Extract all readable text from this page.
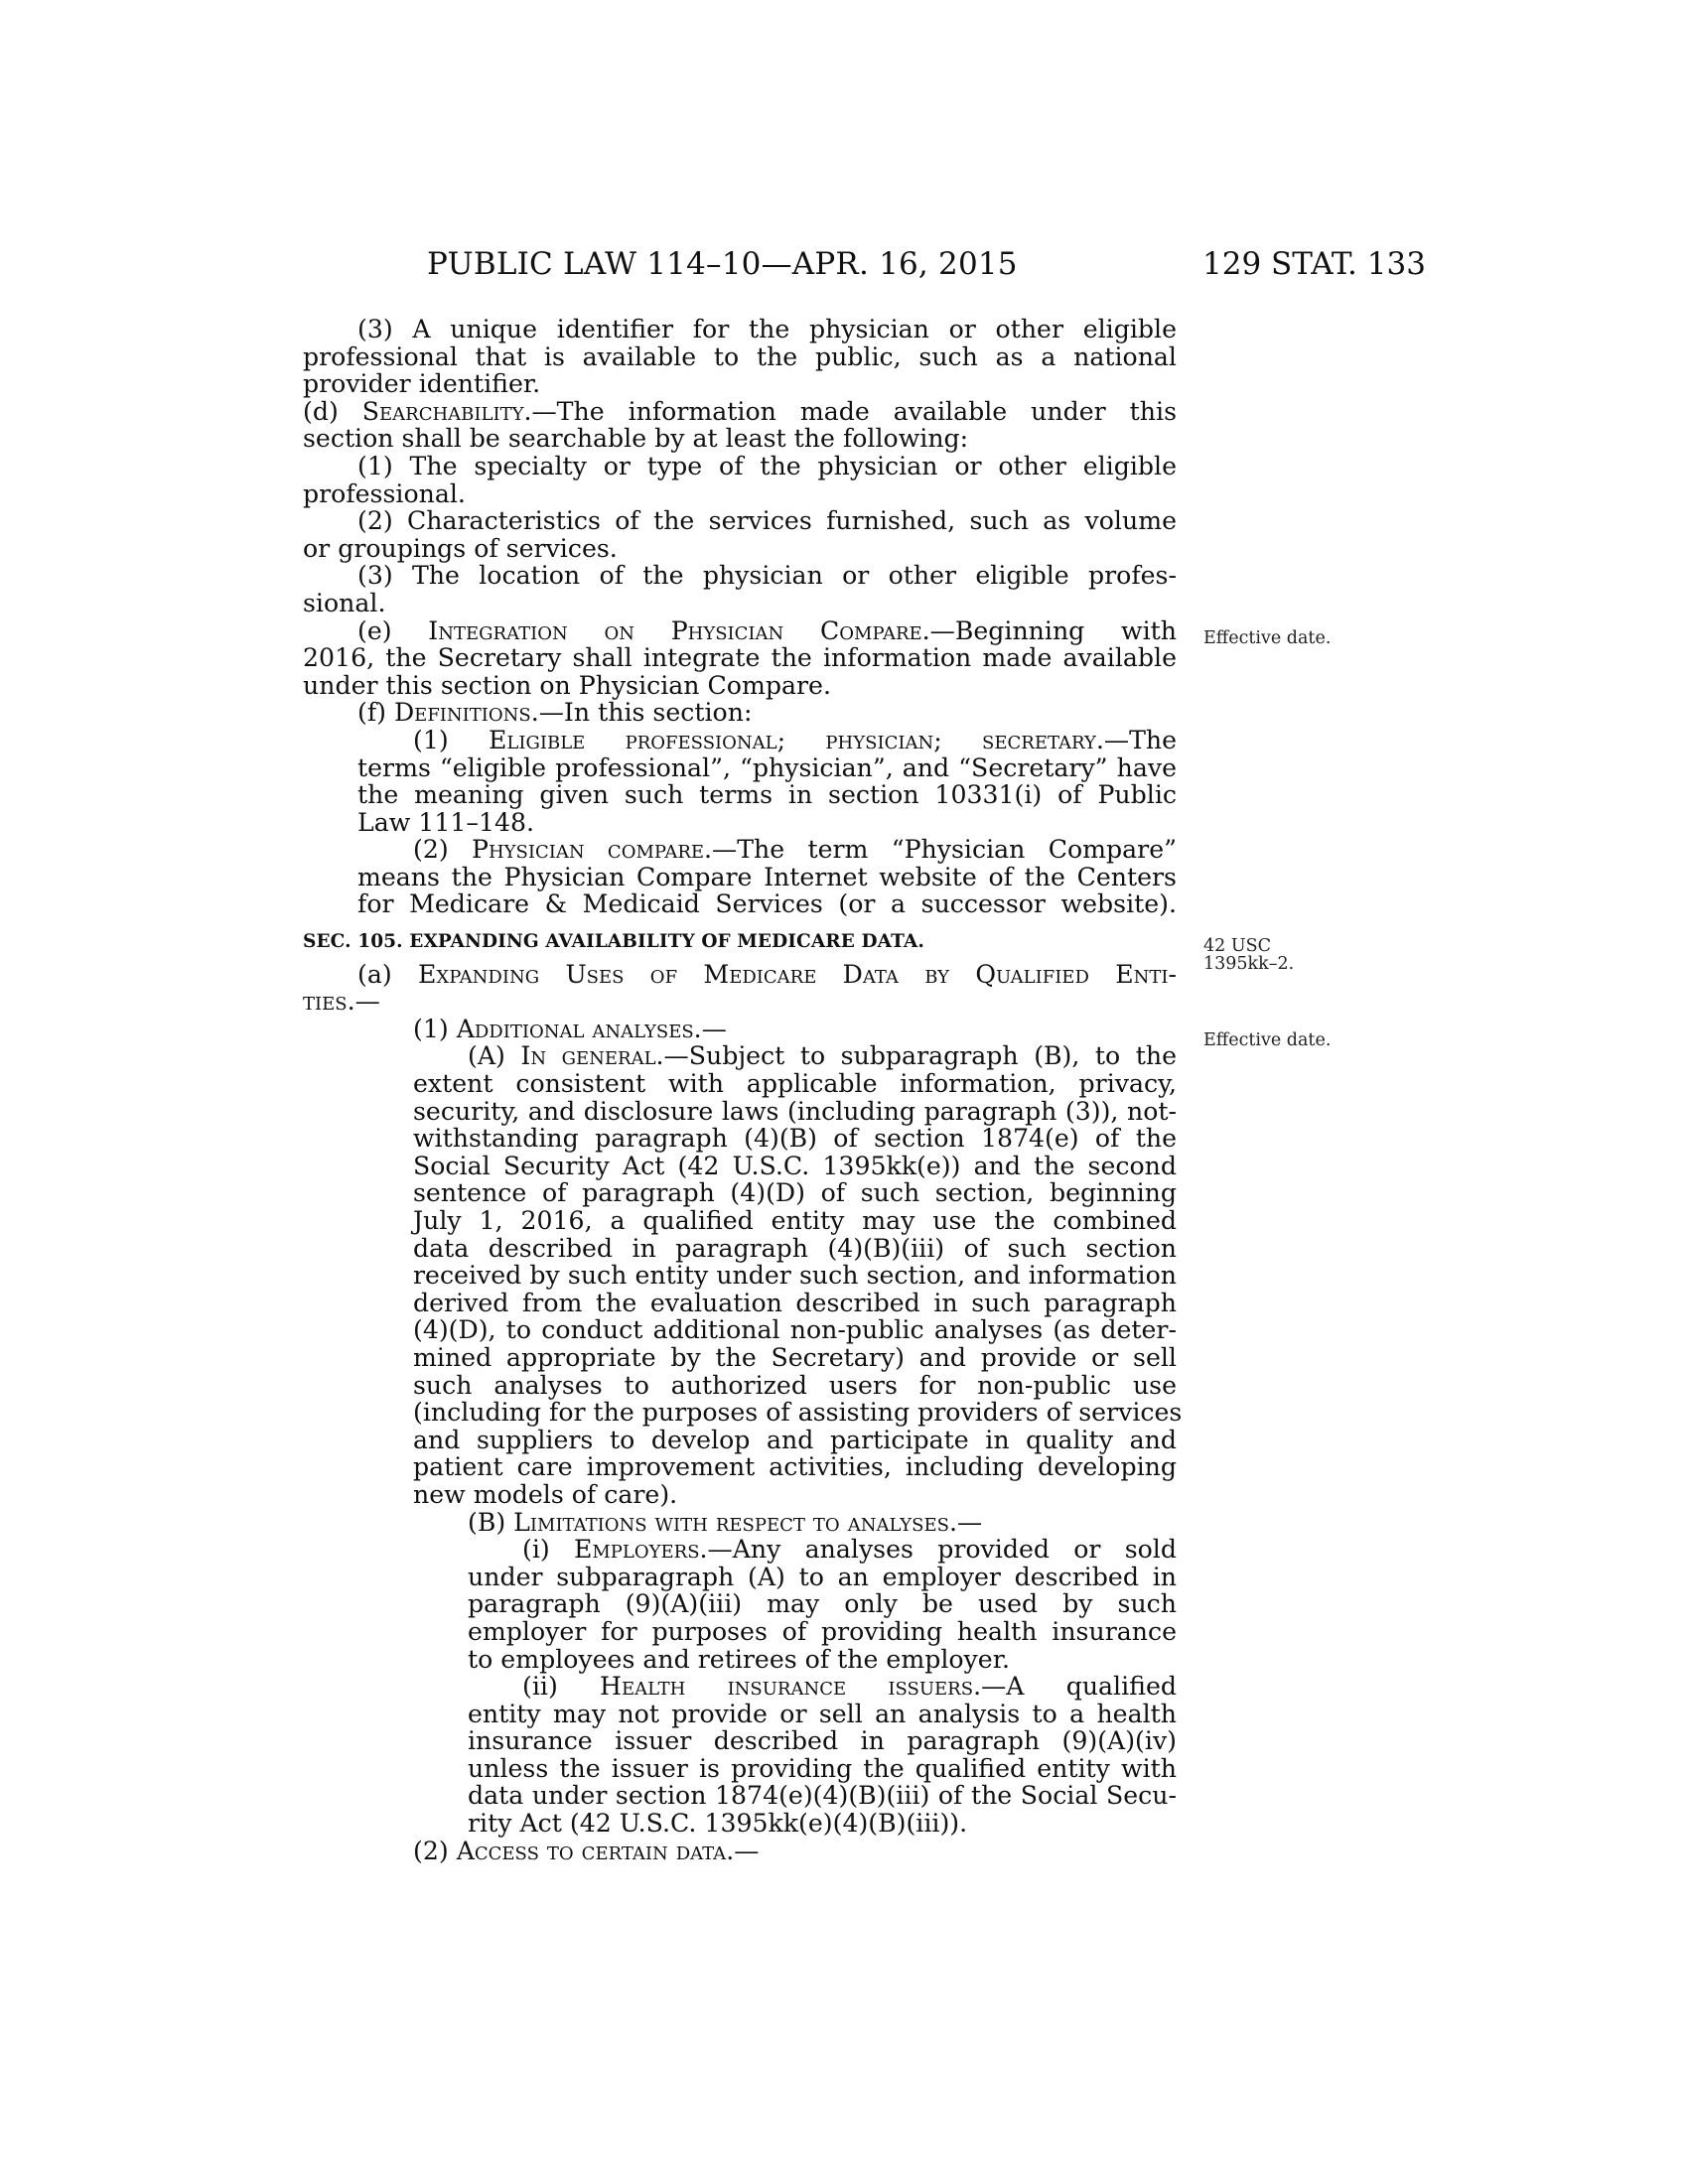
PUBLIC LAW 114–10—APR. 16, 2015	129 STAT. 133
Effective date.
42 USC
1395kk–2.
Effective date.
(3) A unique identifier for the physician or other eligible
professional that is available to the public, such as a national
provider identifier.
(d) Searchability.—The information made available under this
section shall be searchable by at least the following:
(1) The specialty or type of the physician or other eligible
professional.
(2) Characteristics of the services furnished, such as volume
or groupings of services.
(3) The location of the physician or other eligible profes-
sional.
(e) Integration on Physician Compare.—Beginning with
2016, the Secretary shall integrate the information made available
under this section on Physician Compare.
(f) Definitions.—In this section:
(1) Eligible professional; physician; secretary.—The
terms “eligible professional”, “physician”, and “Secretary” have
the meaning given such terms in section 10331(i) of Public
Law 111–148.
(2) Physician compare.—The term “Physician Compare”
means the Physician Compare Internet website of the Centers
for Medicare & Medicaid Services (or a successor website).
SEC. 105. EXPANDING AVAILABILITY OF MEDICARE DATA.
(a) Expanding Uses of Medicare Data by Qualified Enti-
ties.—
(1) Additional analyses.—
(A) In general.—Subject to subparagraph (B), to the
extent consistent with applicable information, privacy,
security, and disclosure laws (including paragraph (3)), not-
withstanding paragraph (4)(B) of section 1874(e) of the
Social Security Act (42 U.S.C. 1395kk(e)) and the second
sentence of paragraph (4)(D) of such section, beginning
July 1, 2016, a qualified entity may use the combined
data described in paragraph (4)(B)(iii) of such section
received by such entity under such section, and information
derived from the evaluation described in such paragraph
(4)(D), to conduct additional non-public analyses (as deter-
mined appropriate by the Secretary) and provide or sell
such analyses to authorized users for non-public use
(including for the purposes of assisting providers of services
and suppliers to develop and participate in quality and
patient care improvement activities, including developing
new models of care).
(B) Limitations with respect to analyses.—
(i) Employers.—Any analyses provided or sold
under subparagraph (A) to an employer described in
paragraph (9)(A)(iii) may only be used by such
employer for purposes of providing health insurance
to employees and retirees of the employer.
(ii) Health insurance issuers.—A qualified
entity may not provide or sell an analysis to a health
insurance issuer described in paragraph (9)(A)(iv)
unless the issuer is providing the qualified entity with
data under section 1874(e)(4)(B)(iii) of the Social Secu-
rity Act (42 U.S.C. 1395kk(e)(4)(B)(iii)).
(2) Access to certain data.—
